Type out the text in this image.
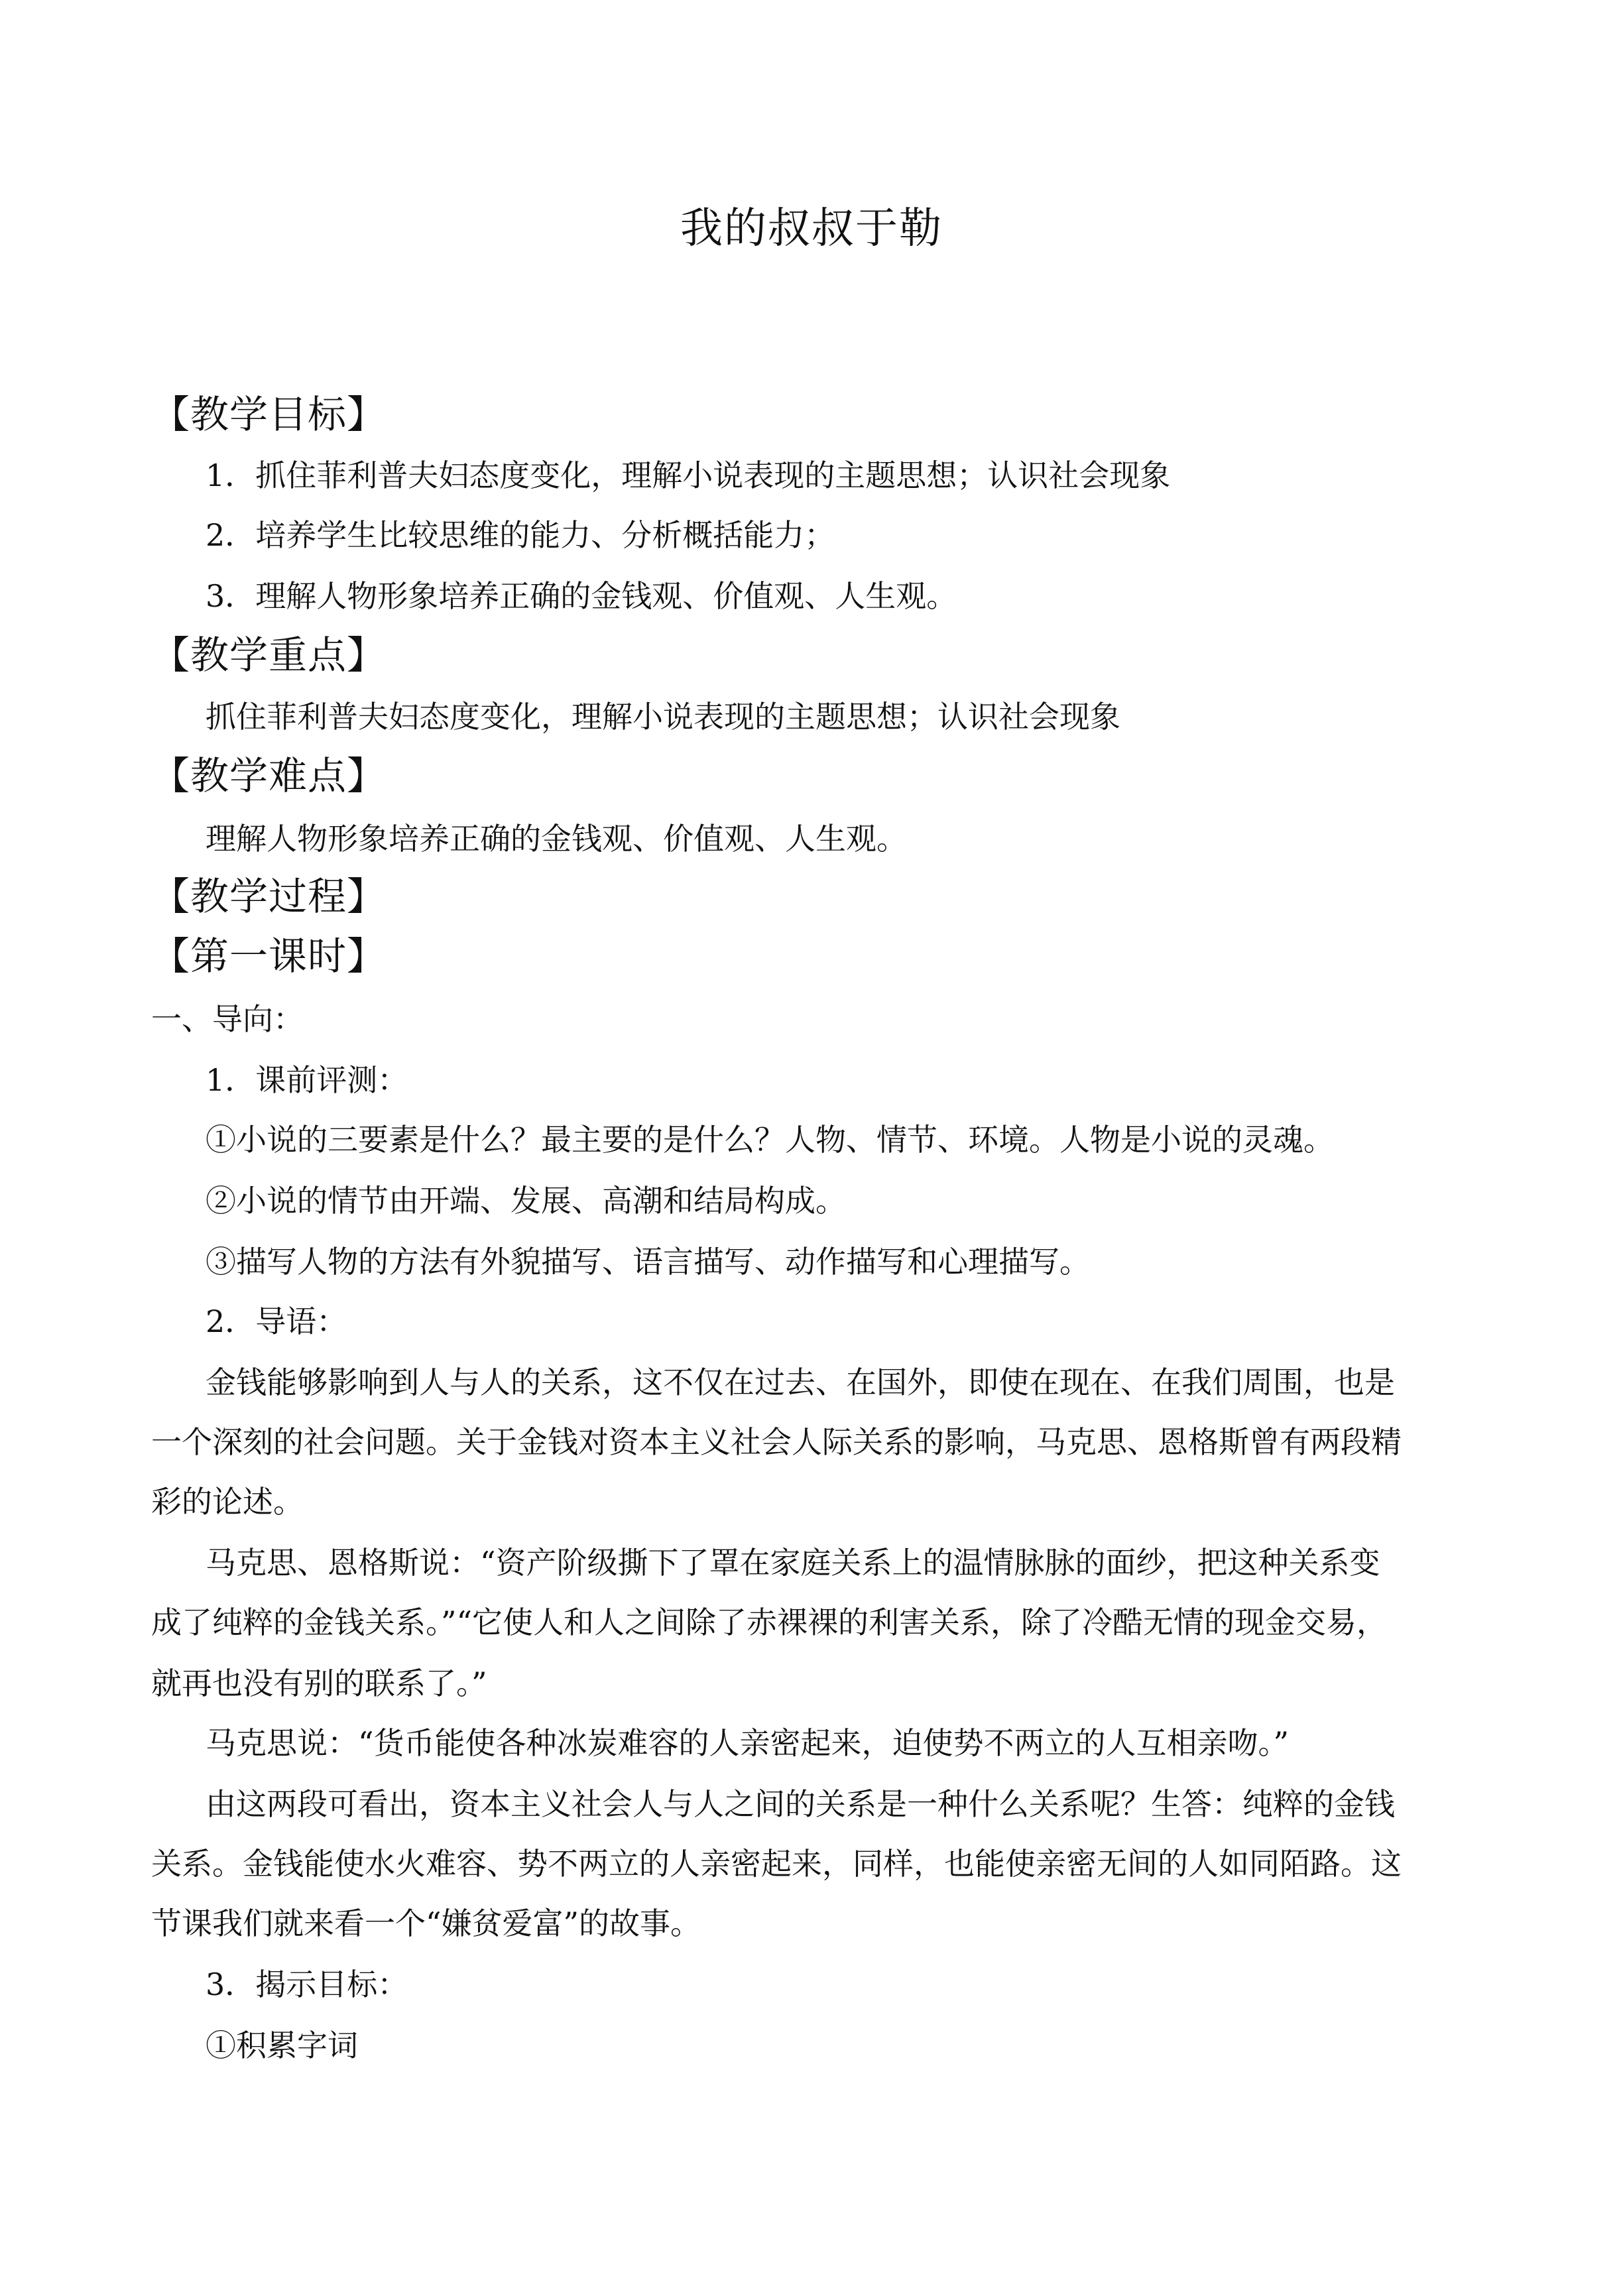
我的叔叔于勒
【教学目标】
1．抓住菲利普夫妇态度变化，理解小说表现的主题思想；认识社会现象
2．培养学生比较思维的能力、分析概括能力；
3．理解人物形象培养正确的金钱观、价值观、人生观。
【教学重点】
抓住菲利普夫妇态度变化，理解小说表现的主题思想；认识社会现象
【教学难点】
理解人物形象培养正确的金钱观、价值观、人生观。
【教学过程】
【第一课时】
一、导向：
1．课前评测：
①小说的三要素是什么？最主要的是什么？人物、情节、环境。人物是小说的灵魂。
②小说的情节由开端、发展、高潮和结局构成。
③描写人物的方法有外貌描写、语言描写、动作描写和心理描写。
2．导语：
金钱能够影响到人与人的关系，这不仅在过去、在国外，即使在现在、在我们周围，也是
一个深刻的社会问题。关于金钱对资本主义社会人际关系的影响，马克思、恩格斯曾有两段精
彩的论述。
马克思、恩格斯说：“资产阶级撕下了罩在家庭关系上的温情脉脉的面纱，把这种关系变
成了纯粹的金钱关系。”“它使人和人之间除了赤裸裸的利害关系，除了冷酷无情的现金交易，
就再也没有别的联系了。”
马克思说：“货币能使各种冰炭难容的人亲密起来，迫使势不两立的人互相亲吻。”
由这两段可看出，资本主义社会人与人之间的关系是一种什么关系呢？生答：纯粹的金钱
关系。金钱能使水火难容、势不两立的人亲密起来，同样，也能使亲密无间的人如同陌路。这
节课我们就来看一个“嫌贫爱富”的故事。
3．揭示目标：
①积累字词
